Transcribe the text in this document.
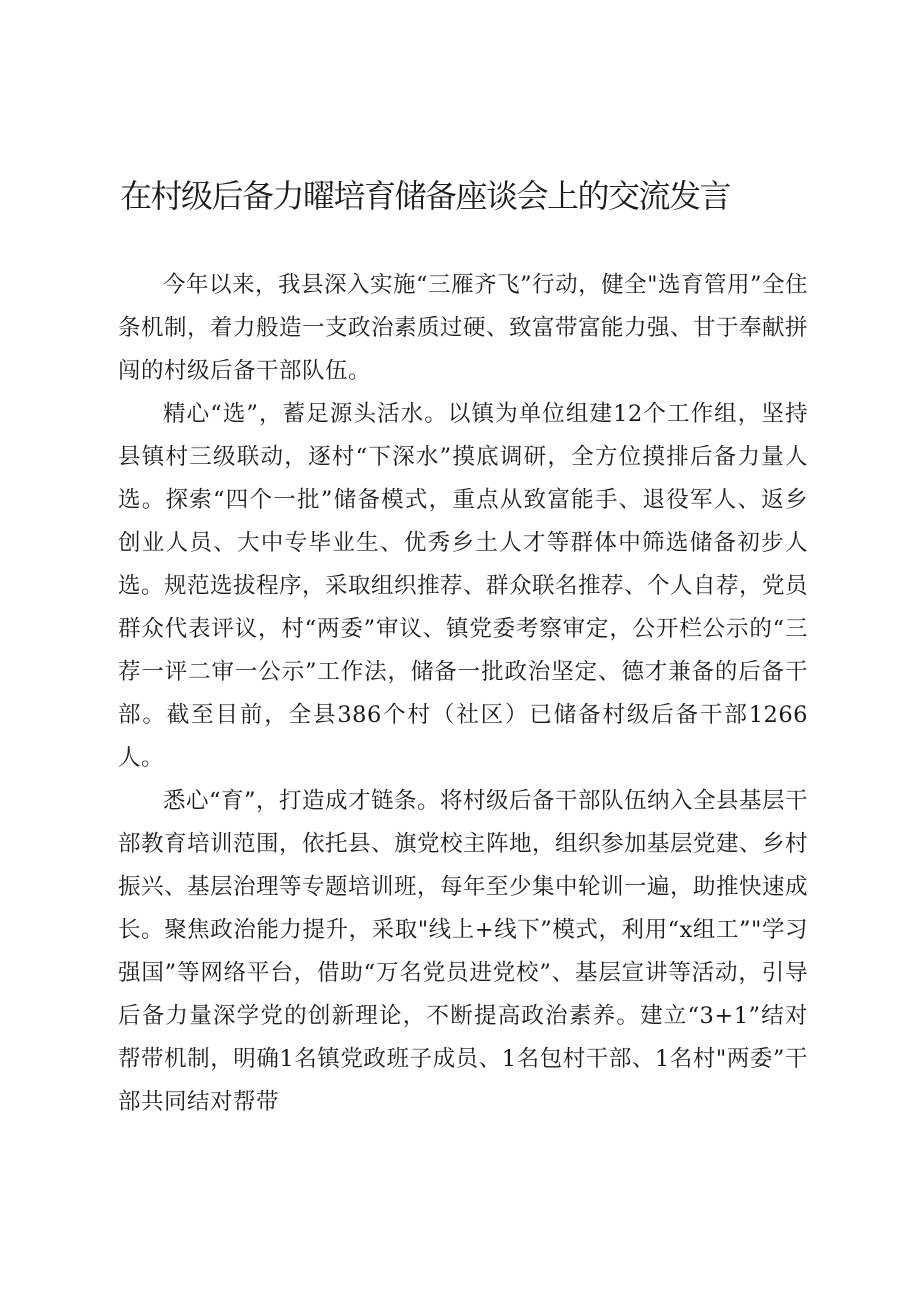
在村级后备力曜培育储备座谈会上的交流发言

今年以来，我县深入实施“三雁齐飞”行动，健全"选育管用”全住条机制，着力般造一支政治素质过硬、致富带富能力强、甘于奉献拼闯的村级后备干部队伍。

精心“选”，蓄足源头活水。以镇为单位组建12个工作组，坚持县镇村三级联动，逐村“下深水”摸底调研，全方位摸排后备力量人选。探索“四个一批”储备模式，重点从致富能手、退役军人、返乡创业人员、大中专毕业生、优秀乡土人才等群体中筛选储备初步人选。规范选拔程序，采取组织推荐、群众联名推荐、个人自荐，党员群众代表评议，村“两委”审议、镇党委考察审定，公开栏公示的“三荐一评二审一公示”工作法，储备一批政治坚定、德才兼备的后备干部。截至目前，全县386个村（社区）已储备村级后备干部1266人。

悉心“育”，打造成才链条。将村级后备干部队伍纳入全县基层干部教育培训范围，依托县、旗党校主阵地，组织参加基层党建、乡村振兴、基层治理等专题培训班，每年至少集中轮训一遍，助推快速成长。聚焦政治能力提升，采取"线上+线下”模式，利用“x组工”"学习强国”等网络平台，借助“万名党员进党校”、基层宣讲等活动，引导后备力量深学党的创新理论，不断提高政治素养。建立“3+1”结对帮带机制，明确1名镇党政班子成员、1名包村干部、1名村"两委”干部共同结对帮带
